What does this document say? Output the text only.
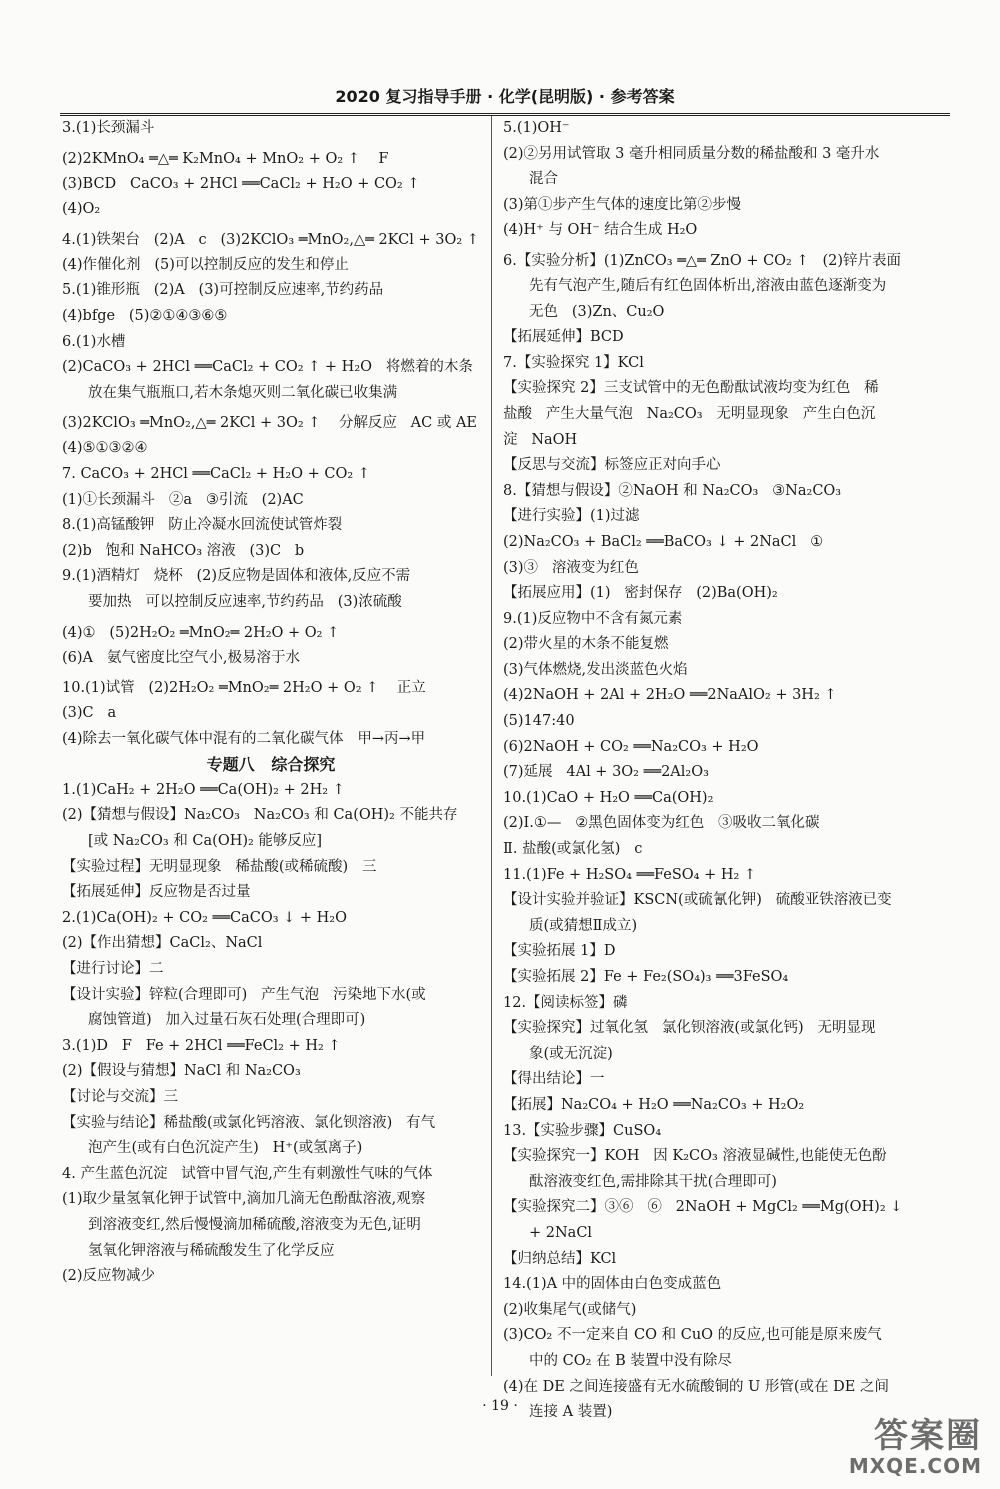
2020 复习指导手册 · 化学(昆明版) · 参考答案
3.(1)长颈漏斗
(2)2KMnO₄ ═△═ K₂MnO₄ + MnO₂ + O₂ ↑    F
(3)BCD   CaCO₃ + 2HCl ══CaCl₂ + H₂O + CO₂ ↑
(4)O₂
4.(1)铁架台   (2)A   c   (3)2KClO₃ ═MnO₂,△═ 2KCl + 3O₂ ↑
(4)作催化剂   (5)可以控制反应的发生和停止
5.(1)锥形瓶   (2)A   (3)可控制反应速率,节约药品
(4)bfge   (5)②①④③⑥⑤
6.(1)水槽
(2)CaCO₃ + 2HCl ══CaCl₂ + CO₂ ↑ + H₂O   将燃着的木条
放在集气瓶瓶口,若木条熄灭则二氧化碳已收集满
(3)2KClO₃ ═MnO₂,△═ 2KCl + 3O₂ ↑    分解反应   AC 或 AE
(4)⑤①③②④
7. CaCO₃ + 2HCl ══CaCl₂ + H₂O + CO₂ ↑
(1)①长颈漏斗   ②a   ③引流   (2)AC
8.(1)高锰酸钾   防止冷凝水回流使试管炸裂
(2)b   饱和 NaHCO₃ 溶液   (3)C   b
9.(1)酒精灯   烧杯   (2)反应物是固体和液体,反应不需
要加热   可以控制反应速率,节约药品   (3)浓硫酸
(4)①   (5)2H₂O₂ ═MnO₂═ 2H₂O + O₂ ↑
(6)A   氨气密度比空气小,极易溶于水
10.(1)试管   (2)2H₂O₂ ═MnO₂═ 2H₂O + O₂ ↑    正立
(3)C   a
(4)除去一氧化碳气体中混有的二氧化碳气体   甲→丙→甲
专题八   综合探究
1.(1)CaH₂ + 2H₂O ══Ca(OH)₂ + 2H₂ ↑
(2)【猜想与假设】Na₂CO₃   Na₂CO₃ 和 Ca(OH)₂ 不能共存
[或 Na₂CO₃ 和 Ca(OH)₂ 能够反应]
【实验过程】无明显现象   稀盐酸(或稀硫酸)   三
【拓展延伸】反应物是否过量
2.(1)Ca(OH)₂ + CO₂ ══CaCO₃ ↓ + H₂O
(2)【作出猜想】CaCl₂、NaCl
【进行讨论】二
【设计实验】锌粒(合理即可)   产生气泡   污染地下水(或
腐蚀管道)   加入过量石灰石处理(合理即可)
3.(1)D   F   Fe + 2HCl ══FeCl₂ + H₂ ↑
(2)【假设与猜想】NaCl 和 Na₂CO₃
【讨论与交流】三
【实验与结论】稀盐酸(或氯化钙溶液、氯化钡溶液)   有气
泡产生(或有白色沉淀产生)   H⁺(或氢离子)
4. 产生蓝色沉淀   试管中冒气泡,产生有刺激性气味的气体
(1)取少量氢氧化钾于试管中,滴加几滴无色酚酞溶液,观察
到溶液变红,然后慢慢滴加稀硫酸,溶液变为无色,证明
氢氧化钾溶液与稀硫酸发生了化学反应
(2)反应物减少
5.(1)OH⁻
(2)②另用试管取 3 毫升相同质量分数的稀盐酸和 3 毫升水
混合
(3)第①步产生气体的速度比第②步慢
(4)H⁺ 与 OH⁻ 结合生成 H₂O
6.【实验分析】(1)ZnCO₃ ═△═ ZnO + CO₂ ↑   (2)锌片表面
先有气泡产生,随后有红色固体析出,溶液由蓝色逐渐变为
无色   (3)Zn、Cu₂O
【拓展延伸】BCD
7.【实验探究 1】KCl
【实验探究 2】三支试管中的无色酚酞试液均变为红色   稀
盐酸   产生大量气泡   Na₂CO₃   无明显现象   产生白色沉
淀   NaOH
【反思与交流】标签应正对向手心
8.【猜想与假设】②NaOH 和 Na₂CO₃   ③Na₂CO₃
【进行实验】(1)过滤
(2)Na₂CO₃ + BaCl₂ ══BaCO₃ ↓ + 2NaCl   ①
(3)③   溶液变为红色
【拓展应用】(1)   密封保存   (2)Ba(OH)₂
9.(1)反应物中不含有氮元素
(2)带火星的木条不能复燃
(3)气体燃烧,发出淡蓝色火焰
(4)2NaOH + 2Al + 2H₂O ══2NaAlO₂ + 3H₂ ↑
(5)147:40
(6)2NaOH + CO₂ ══Na₂CO₃ + H₂O
(7)延展   4Al + 3O₂ ══2Al₂O₃
10.(1)CaO + H₂O ══Ca(OH)₂
(2)Ⅰ.①—   ②黑色固体变为红色   ③吸收二氧化碳
Ⅱ. 盐酸(或氯化氢)   c
11.(1)Fe + H₂SO₄ ══FeSO₄ + H₂ ↑
【设计实验并验证】KSCN(或硫氰化钾)   硫酸亚铁溶液已变
质(或猜想Ⅱ成立)
【实验拓展 1】D
【实验拓展 2】Fe + Fe₂(SO₄)₃ ══3FeSO₄
12.【阅读标签】磷
【实验探究】过氧化氢   氯化钡溶液(或氯化钙)   无明显现
象(或无沉淀)
【得出结论】一
【拓展】Na₂CO₄ + H₂O ══Na₂CO₃ + H₂O₂
13.【实验步骤】CuSO₄
【实验探究一】KOH   因 K₂CO₃ 溶液显碱性,也能使无色酚
酞溶液变红色,需排除其干扰(合理即可)
【实验探究二】③⑥   ⑥   2NaOH + MgCl₂ ══Mg(OH)₂ ↓
+ 2NaCl
【归纳总结】KCl
14.(1)A 中的固体由白色变成蓝色
(2)收集尾气(或储气)
(3)CO₂ 不一定来自 CO 和 CuO 的反应,也可能是原来废气
中的 CO₂ 在 B 装置中没有除尽
(4)在 DE 之间连接盛有无水硫酸铜的 U 形管(或在 DE 之间
连接 A 装置)
· 19 ·
答案圈
MXQE.COM
